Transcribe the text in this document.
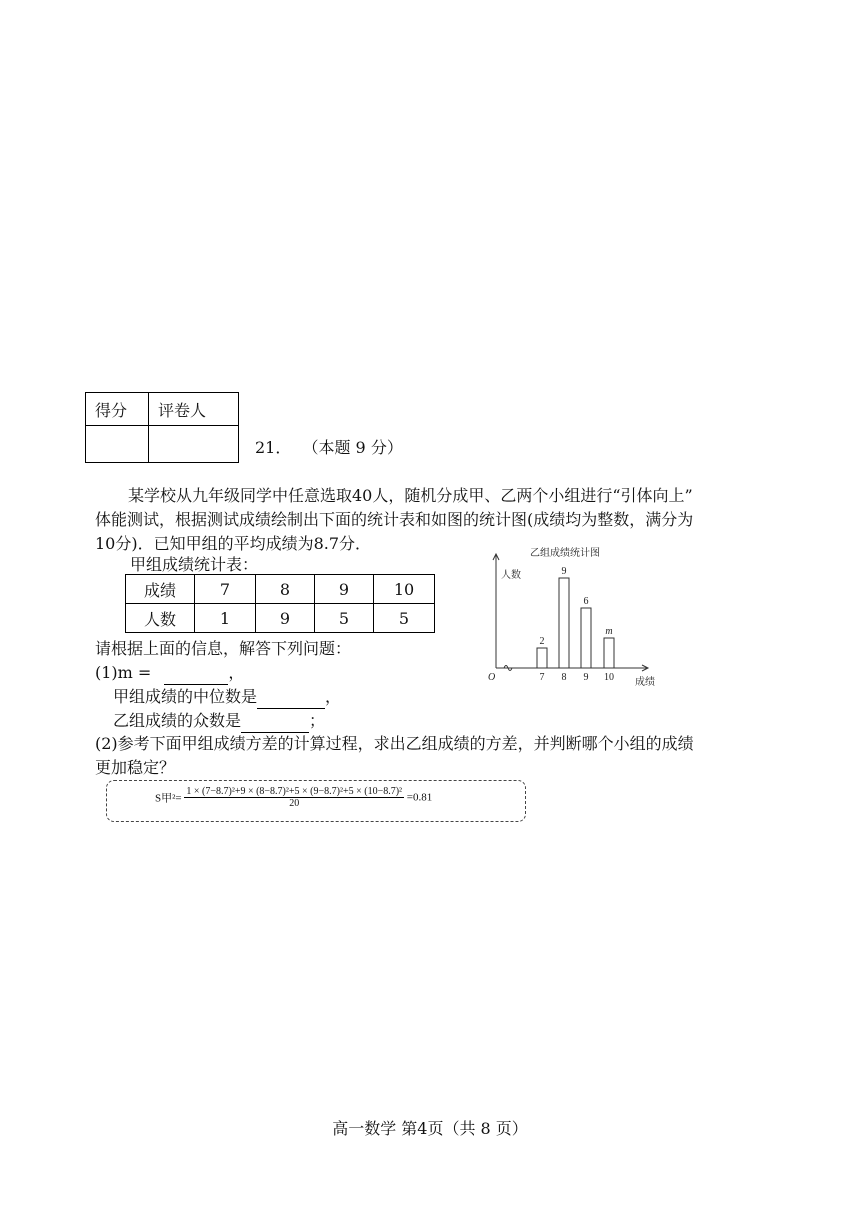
得分	评卷人

21． （本题 9 分）
某学校从九年级同学中任意选取40人，随机分成甲、乙两个小组进行“引体向上”
体能测试，根据测试成绩绘制出下面的统计表和如图的统计图(成绩均为整数，满分为
10分)．已知甲组的平均成绩为8.7分．
甲组成绩统计表：
成绩	7	8	9	10
人数	1	9	5	5
乙组成绩统计图
人数
成绩
O	7
2
8
9
9
6
10
m
请根据上面的信息，解答下列问题：
(1)m =	，
甲组成绩的中位数是	，
乙组成绩的众数是	；
(2)参考下面甲组成绩方差的计算过程，求出乙组成绩的方差，并判断哪个小组的成绩
更加稳定？
S甲$^2= \frac{\text{1 × (7−8.7)²+9 × (8−8.7)²+5 × (9−8.7)²+5 × (10−8.7)²}}{20} =0.81$
高一数学 第4页（共 8 页）
